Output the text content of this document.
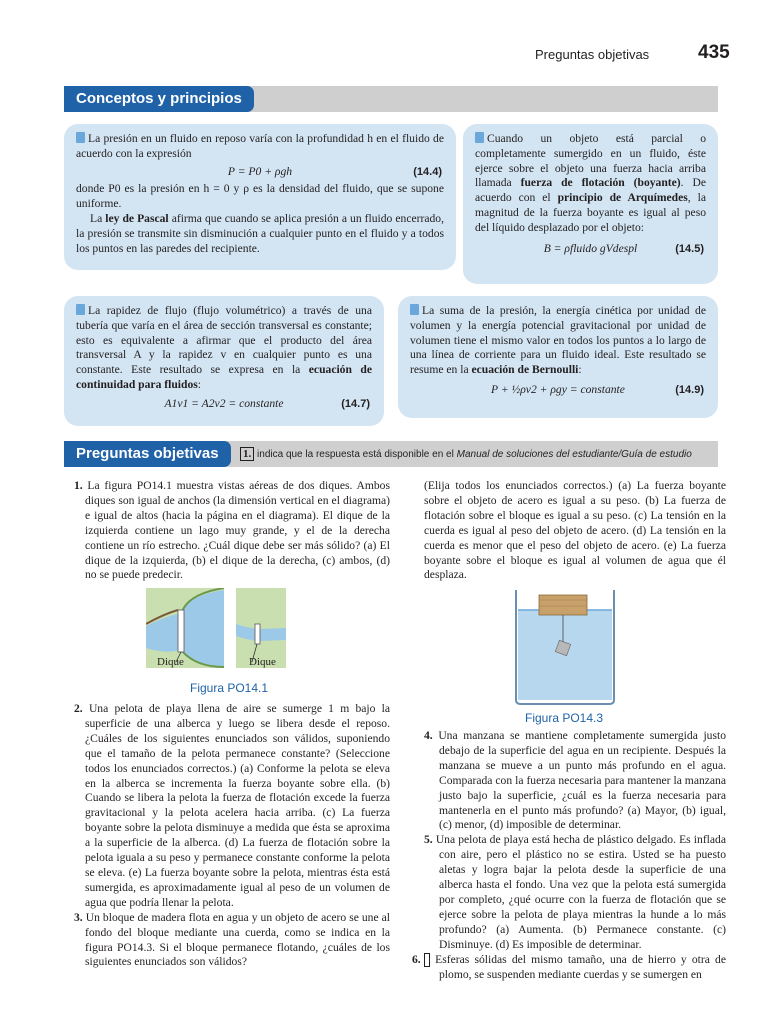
Preguntas objetivas	435
Conceptos y principios

La presión en un fluido en reposo varía con la profundidad h en el fluido de acuerdo con la expresión

P = P0 + ρgh	(14.4)

donde P0 es la presión en h = 0 y ρ es la densidad del fluido, que se supone uniforme.

La ley de Pascal afirma que cuando se aplica presión a un fluido encerrado, la presión se transmite sin disminución a cualquier punto en el fluido y a todos los puntos en las paredes del recipiente.

Cuando un objeto está parcial o completamente sumergido en un fluido, éste ejerce sobre el objeto una fuerza hacia arriba llamada fuerza de flotación (boyante). De acuerdo con el principio de Arquímedes, la magnitud de la fuerza boyante es igual al peso del líquido desplazado por el objeto:

B = ρfluido gVdespl	(14.5)

La rapidez de flujo (flujo volumétrico) a través de una tubería que varía en el área de sección transversal es constante; esto es equivalente a afirmar que el producto del área transversal A y la rapidez v en cualquier punto es una constante. Este resultado se expresa en la ecuación de continuidad para fluidos:

A1v1 = A2v2 = constante	(14.7)

La suma de la presión, la energía cinética por unidad de volumen y la energía potencial gravitacional por unidad de volumen tiene el mismo valor en todos los puntos a lo largo de una línea de corriente para un fluido ideal. Este resultado se resume en la ecuación de Bernoulli:

P + ½ρv2 + ρgy = constante	(14.9)
Preguntas objetivas	1. indica que la respuesta está disponible en el Manual de soluciones del estudiante/Guía de estudio

1. La figura PO14.1 muestra vistas aéreas de dos diques. Ambos diques son igual de anchos (la dimensión vertical en el diagrama) e igual de altos (hacia la página en el diagrama). El dique de la izquierda contiene un lago muy grande, y el de la derecha contiene un río estrecho. ¿Cuál dique debe ser más sólido? (a) El dique de la izquierda, (b) el dique de la derecha, (c) ambos, (d) no se puede predecir.

Dique	Dique
Figura PO14.1

2. Una pelota de playa llena de aire se sumerge 1 m bajo la superficie de una alberca y luego se libera desde el reposo. ¿Cuáles de los siguientes enunciados son válidos, suponiendo que el tamaño de la pelota permanece constante? (Seleccione todos los enunciados correctos.) (a) Conforme la pelota se eleva en la alberca se incrementa la fuerza boyante sobre ella. (b) Cuando se libera la pelota la fuerza de flotación excede la fuerza gravitacional y la pelota acelera hacia arriba. (c) La fuerza boyante sobre la pelota disminuye a medida que ésta se aproxima a la superficie de la alberca. (d) La fuerza de flotación sobre la pelota iguala a su peso y permanece constante conforme la pelota se eleva. (e) La fuerza boyante sobre la pelota, mientras ésta está sumergida, es aproximadamente igual al peso de un volumen de agua que podría llenar la pelota.

3. Un bloque de madera flota en agua y un objeto de acero se une al fondo del bloque mediante una cuerda, como se indica en la figura PO14.3. Si el bloque permanece flotando, ¿cuáles de los siguientes enunciados son válidos?

(Elija todos los enunciados correctos.) (a) La fuerza boyante sobre el objeto de acero es igual a su peso. (b) La fuerza de flotación sobre el bloque es igual a su peso. (c) La tensión en la cuerda es igual al peso del objeto de acero. (d) La tensión en la cuerda es menor que el peso del objeto de acero. (e) La fuerza boyante sobre el bloque es igual al volumen de agua que él desplaza.

Figura PO14.3

4. Una manzana se mantiene completamente sumergida justo debajo de la superficie del agua en un recipiente. Después la manzana se mueve a un punto más profundo en el agua. Comparada con la fuerza necesaria para mantener la manzana justo bajo la superficie, ¿cuál es la fuerza necesaria para mantenerla en el punto más profundo? (a) Mayor, (b) igual, (c) menor, (d) imposible de determinar.

5. Una pelota de playa está hecha de plástico delgado. Es inflada con aire, pero el plástico no se estira. Usted se ha puesto aletas y logra bajar la pelota desde la superficie de una alberca hasta el fondo. Una vez que la pelota está sumergida por completo, ¿qué ocurre con la fuerza de flotación que se ejerce sobre la pelota de playa mientras la hunde a lo más profundo? (a) Aumenta. (b) Permanece constante. (c) Disminuye. (d) Es imposible de determinar.

6. Esferas sólidas del mismo tamaño, una de hierro y otra de plomo, se suspenden mediante cuerdas y se sumergen en
